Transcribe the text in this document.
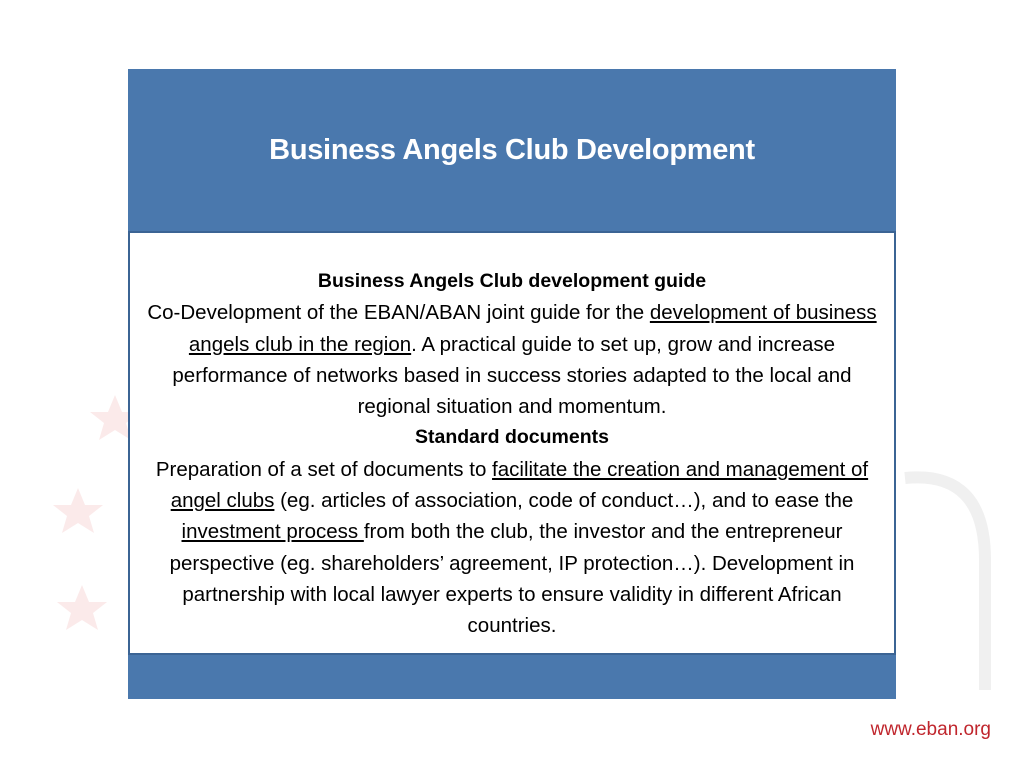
Business Angels Club Development

Business Angels Club development guide
Co-Development of the EBAN/ABAN joint guide for the development of business angels club in the region. A practical guide to set up, grow and increase performance of networks based in success stories adapted to the local and regional situation and momentum.

Standard documents
Preparation of a set of documents to facilitate the creation and management of angel clubs (eg. articles of association, code of conduct…), and to ease the investment process from both the club, the investor and the entrepreneur perspective (eg. shareholders’ agreement, IP protection…). Development in partnership with local lawyer experts to ensure validity in different African countries.

www.eban.org
